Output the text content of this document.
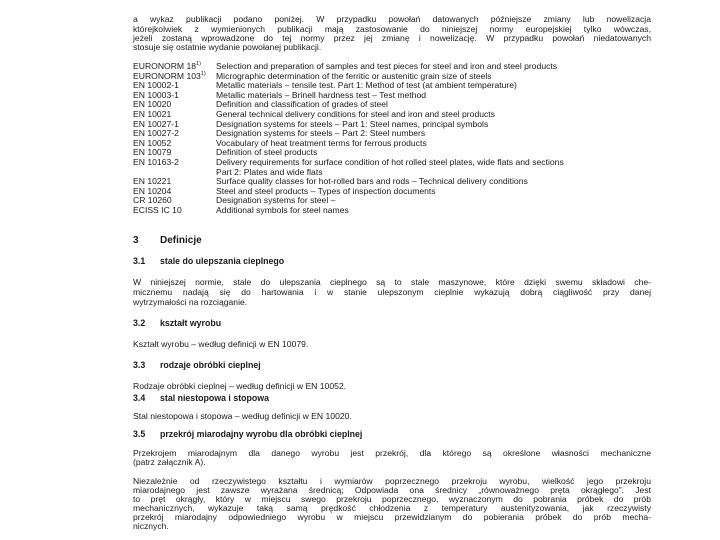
a wykaz publikacji podano poniżej. W przypadku powołań datowanych późniejsze zmiany lub nowelizacja
którejkolwiek z wymienionych publikacji mają zastosowanie do niniejszej normy europejskiej tylko wówczas,
jeżeli zostaną wprowadzone do tej normy przez jej zmianę i nowelizację. W przypadku powołań niedatowanych
stosuje się ostatnie wydanie powołanej publikacji.
EURONORM 18$^{1)}$ Selection and preparation of samples and test pieces for steel and iron and steel products
EURONORM 103$^{1)}$ Micrographic determination of the ferritic or austenitic grain size of steels
EN 10002-1	Metallic materials – tensile test. Part 1: Method of test (at ambient temperature)
EN 10003-1	Metallic materials – Brinell hardness test – Test method
EN 10020	Definition and classification of grades of steel
EN 10021	General technical delivery conditions for steel and iron and steel products
EN 10027-1	Designation systems for steels – Part 1: Steel names, principal symbols
EN 10027-2	Designation systems for steels – Part 2: Steel numbers
EN 10052	Vocabulary of heat treatment terms for ferrous products
EN 10079	Definition of steel products
EN 10163-2	Delivery requirements for surface condition of hot rolled steel plates, wide flats and sections
Part 2: Plates and wide flats
EN 10221	Surface quality classes for hot-rolled bars and rods – Technical delivery conditions
EN 10204	Steel and steel products – Types of inspection documents
CR 10260	Designation systems for steel –
ECISS IC 10	Additional symbols for steel names
3 Definicje
3.1 stale do ulepszania cieplnego
W niniejszej normie, stale do ulepszania cieplnego są to stale maszynowe, które dzięki swemu składowi che-
micznemu nadają się do hartowania i w stanie ulepszonym cieplnie wykazują dobrą ciągliwość przy danej
wytrzymałości na rozciąganie.
3.2 kształt wyrobu
Kształt wyrobu – według definicji w EN 10079.
3.3 rodzaje obróbki cieplnej
Rodzaje obróbki cieplnej – według definicji w EN 10052.
3.4 stal niestopowa i stopowa
Stal niestopowa i stopowa – według definicji w EN 10020.
3.5 przekrój miarodajny wyrobu dla obróbki cieplnej
Przekrojem miarodajnym dla danego wyrobu jest przekrój, dla którego są określone własności mechaniczne
(patrz załącznik A).
Niezależnie od rzeczywistego kształtu i wymiarów poprzecznego przekroju wyrobu, wielkość jego przekroju
miarodajnego jest zawsze wyrażana średnicą; Odpowiada ona średnicy „równoważnego pręta okrągłego”. Jest
to pręt okrągły, który w miejscu swego przekroju poprzecznego, wyznaczonym do pobrania próbek do prób
mechanicznych, wykazuje taką samą prędkość chłodzenia z temperatury austenityzowania, jak rzeczywisty
przekrój miarodajny odpowiedniego wyrobu w miejscu przewidzianym do pobierania próbek do prób mecha-
nicznych.
